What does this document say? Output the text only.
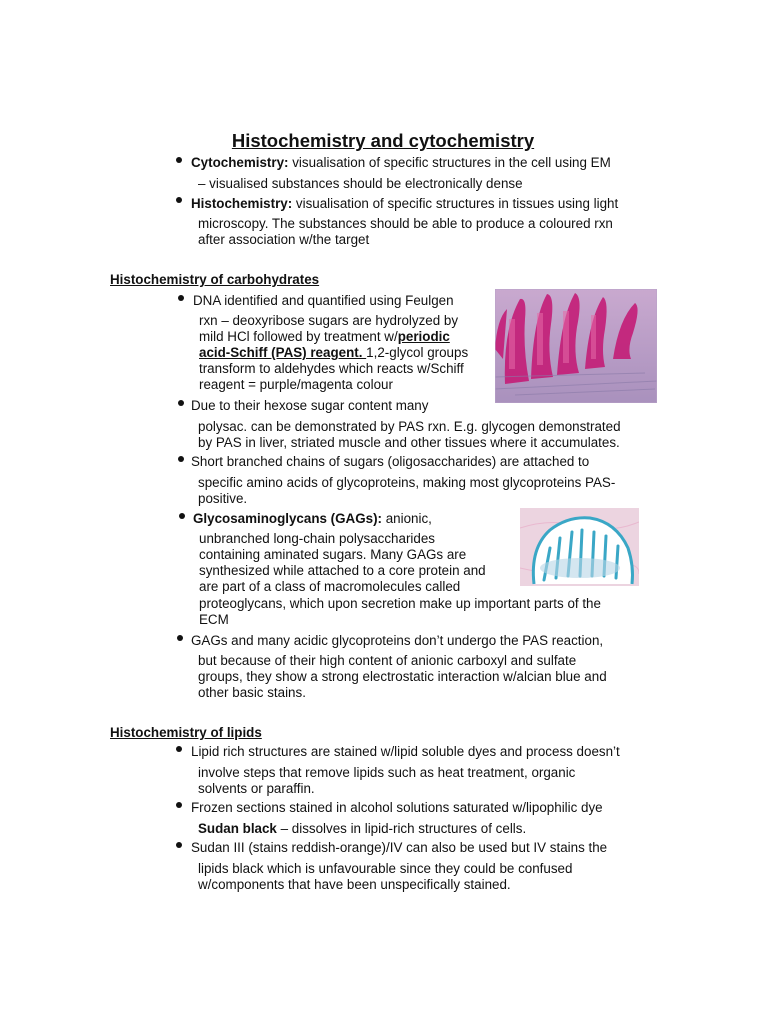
Histochemistry and cytochemistry
Cytochemistry: visualisation of specific structures in the cell using EM
– visualised substances should be electronically dense
Histochemistry: visualisation of specific structures in tissues using light
microscopy. The substances should be able to produce a coloured rxn
after association w/the target
Histochemistry of carbohydrates
DNA identified and quantified using Feulgen
rxn – deoxyribose sugars are hydrolyzed by
mild HCl followed by treatment w/periodic
acid-Schiff (PAS) reagent. 1,2-glycol groups
transform to aldehydes which reacts w/Schiff
reagent = purple/magenta colour
Due to their hexose sugar content many
polysac. can be demonstrated by PAS rxn. E.g. glycogen demonstrated
by PAS in liver, striated muscle and other tissues where it accumulates.
Short branched chains of sugars (oligosaccharides) are attached to
specific amino acids of glycoproteins, making most glycoproteins PAS-
positive.
Glycosaminoglycans (GAGs): anionic,
unbranched long-chain polysaccharides
containing aminated sugars. Many GAGs are
synthesized while attached to a core protein and
are part of a class of macromolecules called
proteoglycans, which upon secretion make up important parts of the
ECM
GAGs and many acidic glycoproteins don’t undergo the PAS reaction,
but because of their high content of anionic carboxyl and sulfate
groups, they show a strong electrostatic interaction w/alcian blue and
other basic stains.
Histochemistry of lipids
Lipid rich structures are stained w/lipid soluble dyes and process doesn’t
involve steps that remove lipids such as heat treatment, organic
solvents or paraffin.
Frozen sections stained in alcohol solutions saturated w/lipophilic dye
Sudan black – dissolves in lipid-rich structures of cells.
Sudan III (stains reddish-orange)/IV can also be used but IV stains the
lipids black which is unfavourable since they could be confused
w/components that have been unspecifically stained.
